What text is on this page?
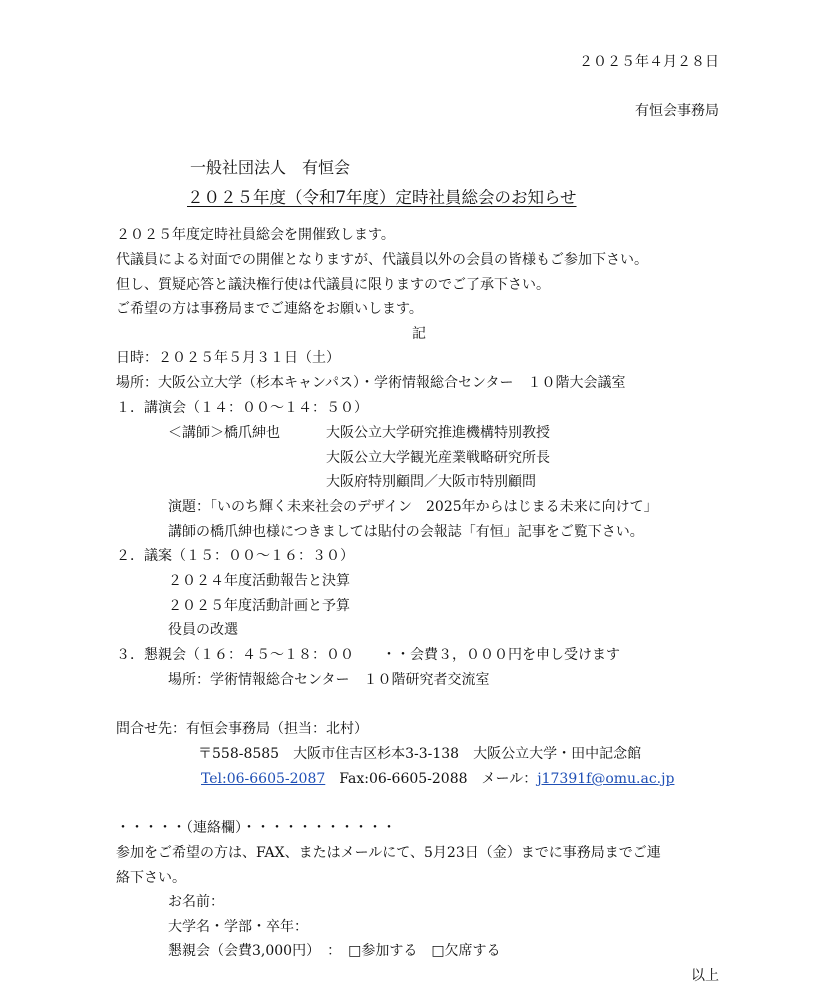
２０２５年４月２８日
有恒会事務局
一般社団法人　有恒会
２０２５年度（令和7年度）定時社員総会のお知らせ
２０２５年度定時社員総会を開催致します。
代議員による対面での開催となりますが、代議員以外の会員の皆様もご参加下さい。
但し、質疑応答と議決権行使は代議員に限りますのでご了承下さい。
ご希望の方は事務局までご連絡をお願いします。
記
日時：２０２５年５月３１日（土）
場所：大阪公立大学（杉本キャンパス）・学術情報総合センター　１０階大会議室
１．講演会（１４：００～１４：５０）
＜講師＞橋爪紳也	大阪公立大学研究推進機構特別教授
大阪公立大学観光産業戦略研究所長
大阪府特別顧問／大阪市特別顧問
演題：「いのち輝く未来社会のデザイン　2025年からはじまる未来に向けて」
講師の橋爪紳也様につきましては貼付の会報誌「有恒」記事をご覧下さい。
２．議案（１５：００～１６：３０）
２０２４年度活動報告と決算
２０２５年度活動計画と予算
役員の改選
３．懇親会（１６：４５～１８：００　　・・会費３，０００円を申し受けます
場所：学術情報総合センター　１０階研究者交流室
問合せ先：有恒会事務局（担当：北村）
〒558-8585　大阪市住吉区杉本3-3-138　大阪公立大学・田中記念館
Tel:06-6605-2087　 Fax:06-6605-2088　 メール：j17391f@omu.ac.jp
・・・・・（連絡欄）・・・・・・・・・・・
参加をご希望の方は、FAX、またはメールにて、5月23日（金）までに事務局までご連
絡下さい。
お名前：
大学名・学部・卒年：
懇親会（会費3,000円）　：　□参加する　 □欠席する
以上
